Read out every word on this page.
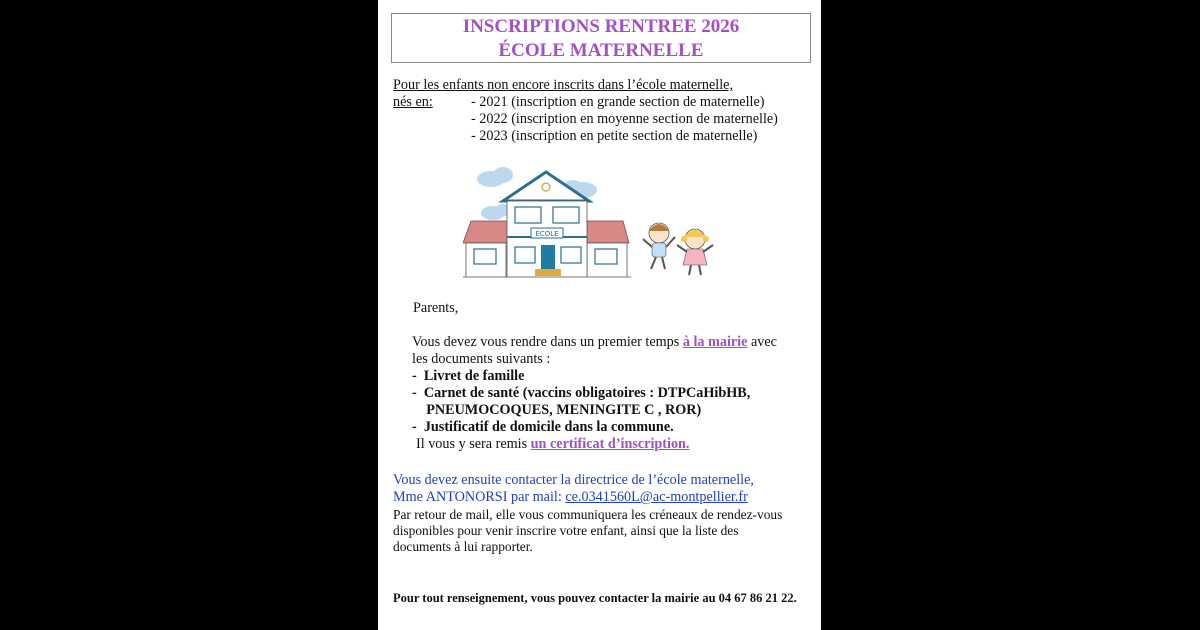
INSCRIPTIONS RENTREE 2026
ÉCOLE MATERNELLE
Pour les enfants non encore inscrits dans l’école maternelle,
nés en:	- 2021 (inscription en grande section de maternelle)
- 2022 (inscription en moyenne section de maternelle)
- 2023 (inscription en petite section de maternelle)
ÉCOLE
Parents,
Vous devez vous rendre dans un premier temps à la mairie avec
les documents suivants :
-  Livret de famille
-  Carnet de santé (vaccins obligatoires : DTPCaHibHB,
PNEUMOCOQUES, MENINGITE C , ROR)
-  Justificatif de domicile dans la commune.
Il vous y sera remis un certificat d’inscription.
Vous devez ensuite contacter la directrice de l’école maternelle,
Mme ANTONORSI par mail: ce.0341560L@ac-montpellier.fr
Par retour de mail, elle vous communiquera les créneaux de rendez-vous
disponibles pour venir inscrire votre enfant, ainsi que la liste des
documents à lui rapporter.
Pour tout renseignement, vous pouvez contacter la mairie au 04 67 86 21 22.
